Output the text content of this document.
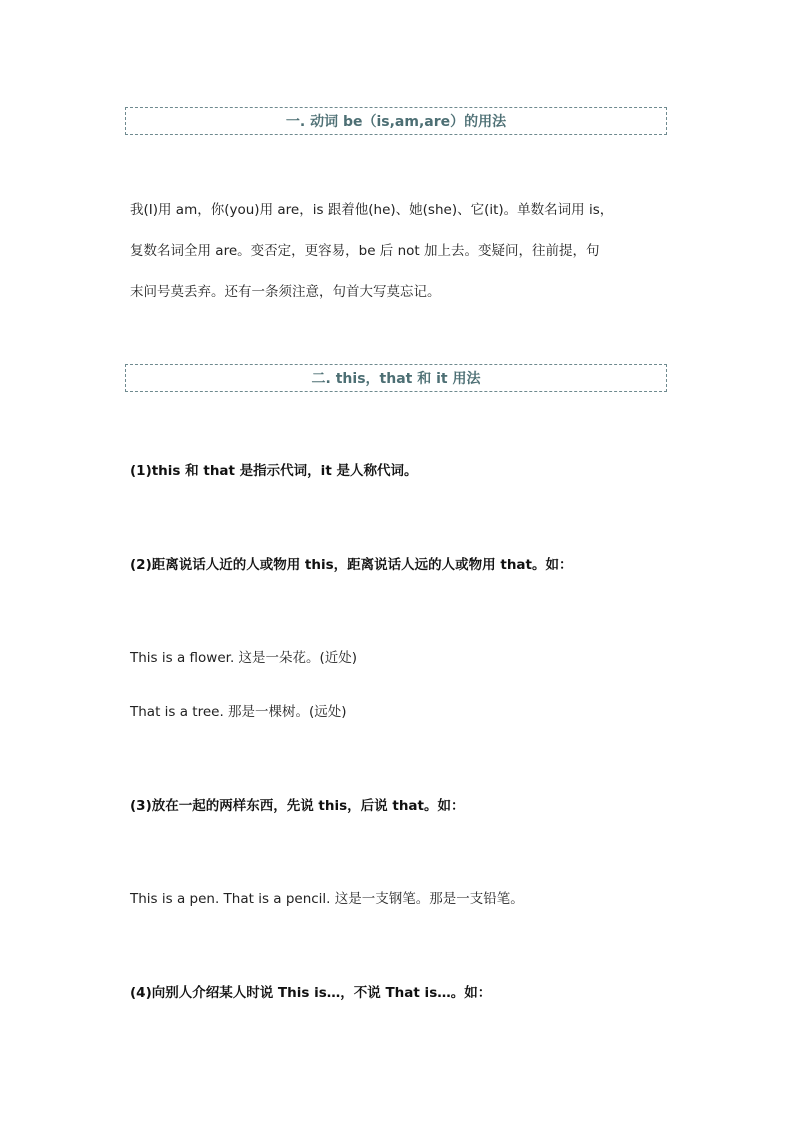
一. 动词 be（is,am,are）的用法
我(I)用 am，你(you)用 are，is 跟着他(he)、她(she)、它(it)。单数名词用 is，
复数名词全用 are。变否定，更容易，be 后 not 加上去。变疑问，往前提，句
末问号莫丢弃。还有一条须注意，句首大写莫忘记。
二. this，that 和 it 用法
(1)this 和 that 是指示代词，it 是人称代词。
(2)距离说话人近的人或物用 this，距离说话人远的人或物用 that。如：
This is a flower. 这是一朵花。(近处)
That is a tree. 那是一棵树。(远处)
(3)放在一起的两样东西，先说 this，后说 that。如：
This is a pen. That is a pencil. 这是一支钢笔。那是一支铅笔。
(4)向别人介绍某人时说 This is…，不说 That is…。如：
